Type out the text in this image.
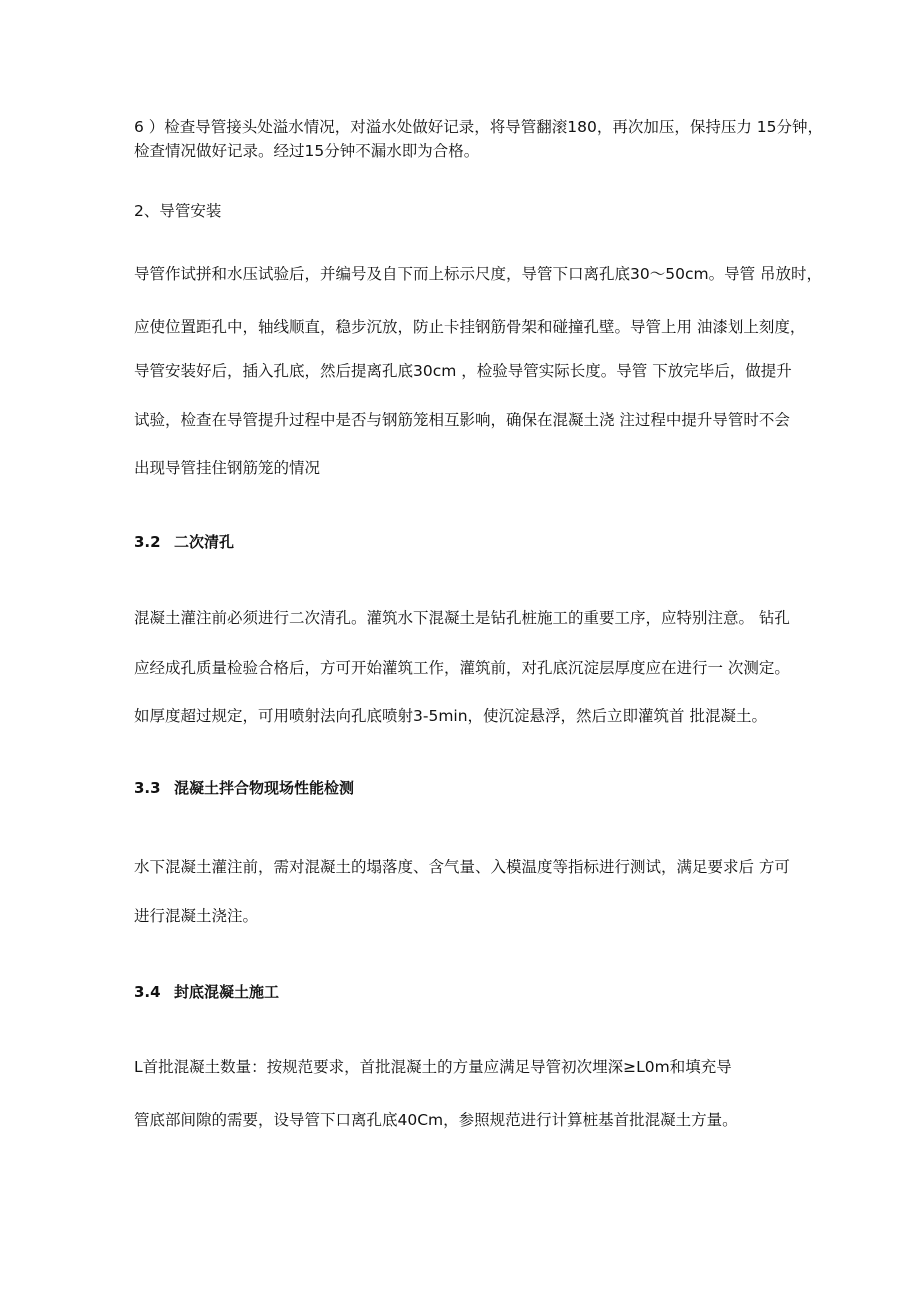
6 ）检查导管接头处溢水情况，对溢水处做好记录，将导管翻滚180，再次加压，保持压力 15分钟，
检查情况做好记录。经过15分钟不漏水即为合格。
2、导管安装
导管作试拼和水压试验后，并编号及自下而上标示尺度，导管下口离孔底30～50cm。导管 吊放时，
应使位置距孔中，轴线顺直，稳步沉放，防止卡挂钢筋骨架和碰撞孔壁。导管上用 油漆划上刻度，
导管安装好后，插入孔底，然后提离孔底30cm ，检验导管实际长度。导管 下放完毕后，做提升
试验，检查在导管提升过程中是否与钢筋笼相互影响，确保在混凝土浇 注过程中提升导管时不会
出现导管挂住钢筋笼的情况
3.2 二次清孔
混凝土灌注前必须进行二次清孔。灌筑水下混凝土是钻孔桩施工的重要工序，应特别注意。 钻孔
应经成孔质量检验合格后，方可开始灌筑工作，灌筑前，对孔底沉淀层厚度应在进行一 次测定。
如厚度超过规定，可用喷射法向孔底喷射3-5min，使沉淀悬浮，然后立即灌筑首 批混凝土。
3.3 混凝土拌合物现场性能检测
水下混凝土灌注前，需对混凝土的塌落度、含气量、入模温度等指标进行测试，满足要求后 方可
进行混凝土浇注。
3.4 封底混凝土施工
L首批混凝土数量：按规范要求，首批混凝土的方量应满足导管初次埋深≥L0m和填充导
管底部间隙的需要，设导管下口离孔底40Cm，参照规范进行计算桩基首批混凝土方量。
